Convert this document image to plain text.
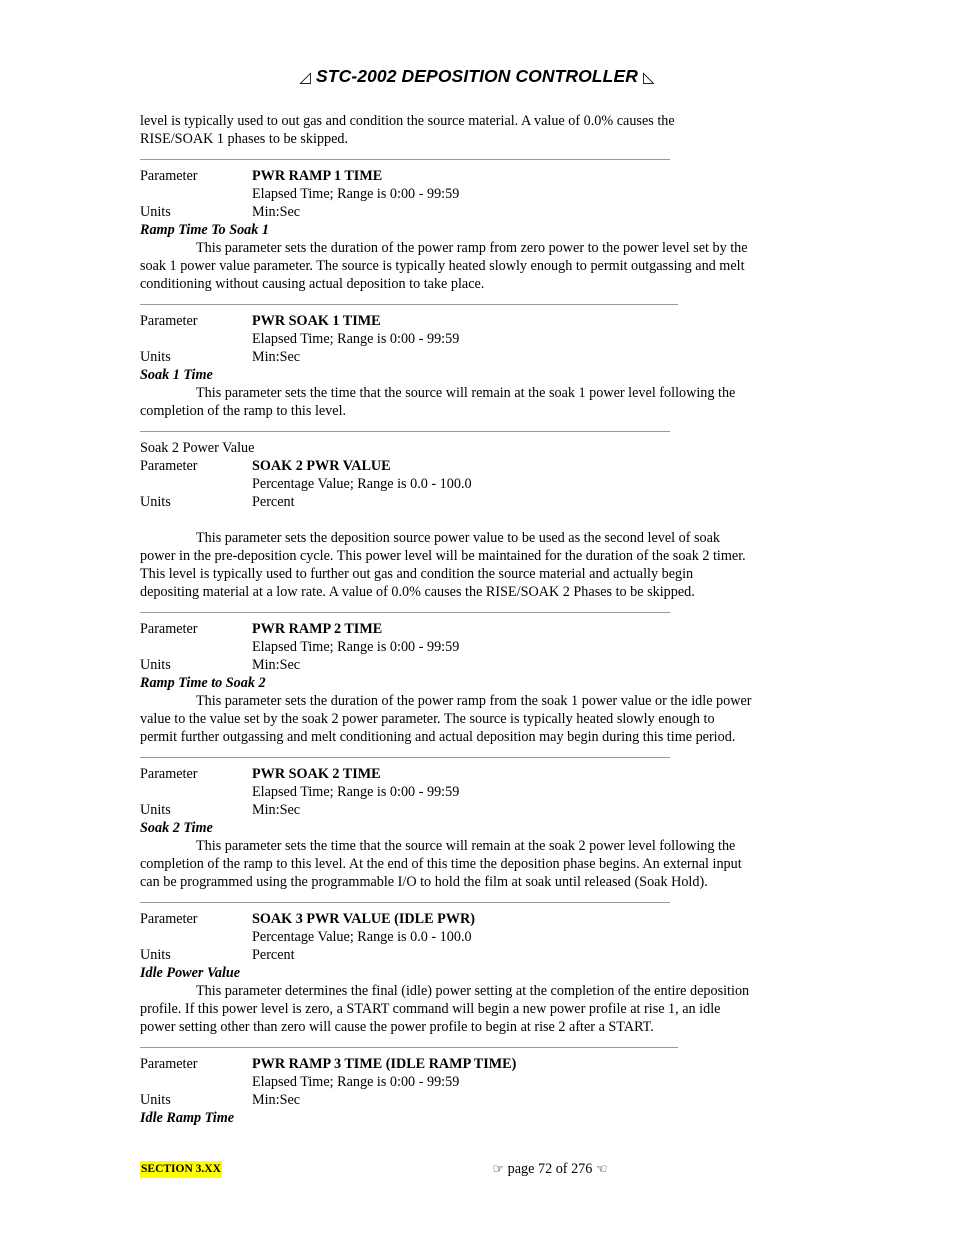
◿ STC-2002 DEPOSITION CONTROLLER ◺
level is typically used to out gas and condition the source material. A value of 0.0% causes the
RISE/SOAK 1 phases to be skipped.
Parameter	PWR RAMP 1 TIME
Elapsed Time; Range is 0:00 - 99:59
Units	Min:Sec
Ramp Time To Soak 1
This parameter sets the duration of the power ramp from zero power to the power level set by the
soak 1 power value parameter. The source is typically heated slowly enough to permit outgassing and melt
conditioning without causing actual deposition to take place.
Parameter	PWR SOAK 1 TIME
Elapsed Time; Range is 0:00 - 99:59
Units	Min:Sec
Soak 1 Time
This parameter sets the time that the source will remain at the soak 1 power level following the
completion of the ramp to this level.
Soak 2 Power Value
Parameter	SOAK 2 PWR VALUE
Percentage Value; Range is 0.0 - 100.0
Units	Percent
This parameter sets the deposition source power value to be used as the second level of soak
power in the pre-deposition cycle. This power level will be maintained for the duration of the soak 2 timer.
This level is typically used to further out gas and condition the source material and actually begin
depositing material at a low rate. A value of 0.0% causes the RISE/SOAK 2 Phases to be skipped.
Parameter	PWR RAMP 2 TIME
Elapsed Time; Range is 0:00 - 99:59
Units	Min:Sec
Ramp Time to Soak 2
This parameter sets the duration of the power ramp from the soak 1 power value or the idle power
value to the value set by the soak 2 power parameter. The source is typically heated slowly enough to
permit further outgassing and melt conditioning and actual deposition may begin during this time period.
Parameter	PWR SOAK 2 TIME
Elapsed Time; Range is 0:00 - 99:59
Units	Min:Sec
Soak 2 Time
This parameter sets the time that the source will remain at the soak 2 power level following the
completion of the ramp to this level. At the end of this time the deposition phase begins. An external input
can be programmed using the programmable I/O to hold the film at soak until released (Soak Hold).
Parameter	SOAK 3 PWR VALUE (IDLE PWR)
Percentage Value; Range is 0.0 - 100.0
Units	Percent
Idle Power Value
This parameter determines the final (idle) power setting at the completion of the entire deposition
profile. If this power level is zero, a START command will begin a new power profile at rise 1, an idle
power setting other than zero will cause the power profile to begin at rise 2 after a START.
Parameter	PWR RAMP 3 TIME (IDLE RAMP TIME)
Elapsed Time; Range is 0:00 - 99:59
Units	Min:Sec
Idle Ramp Time
SECTION 3.XX	☞ page 72 of 276 ☜
